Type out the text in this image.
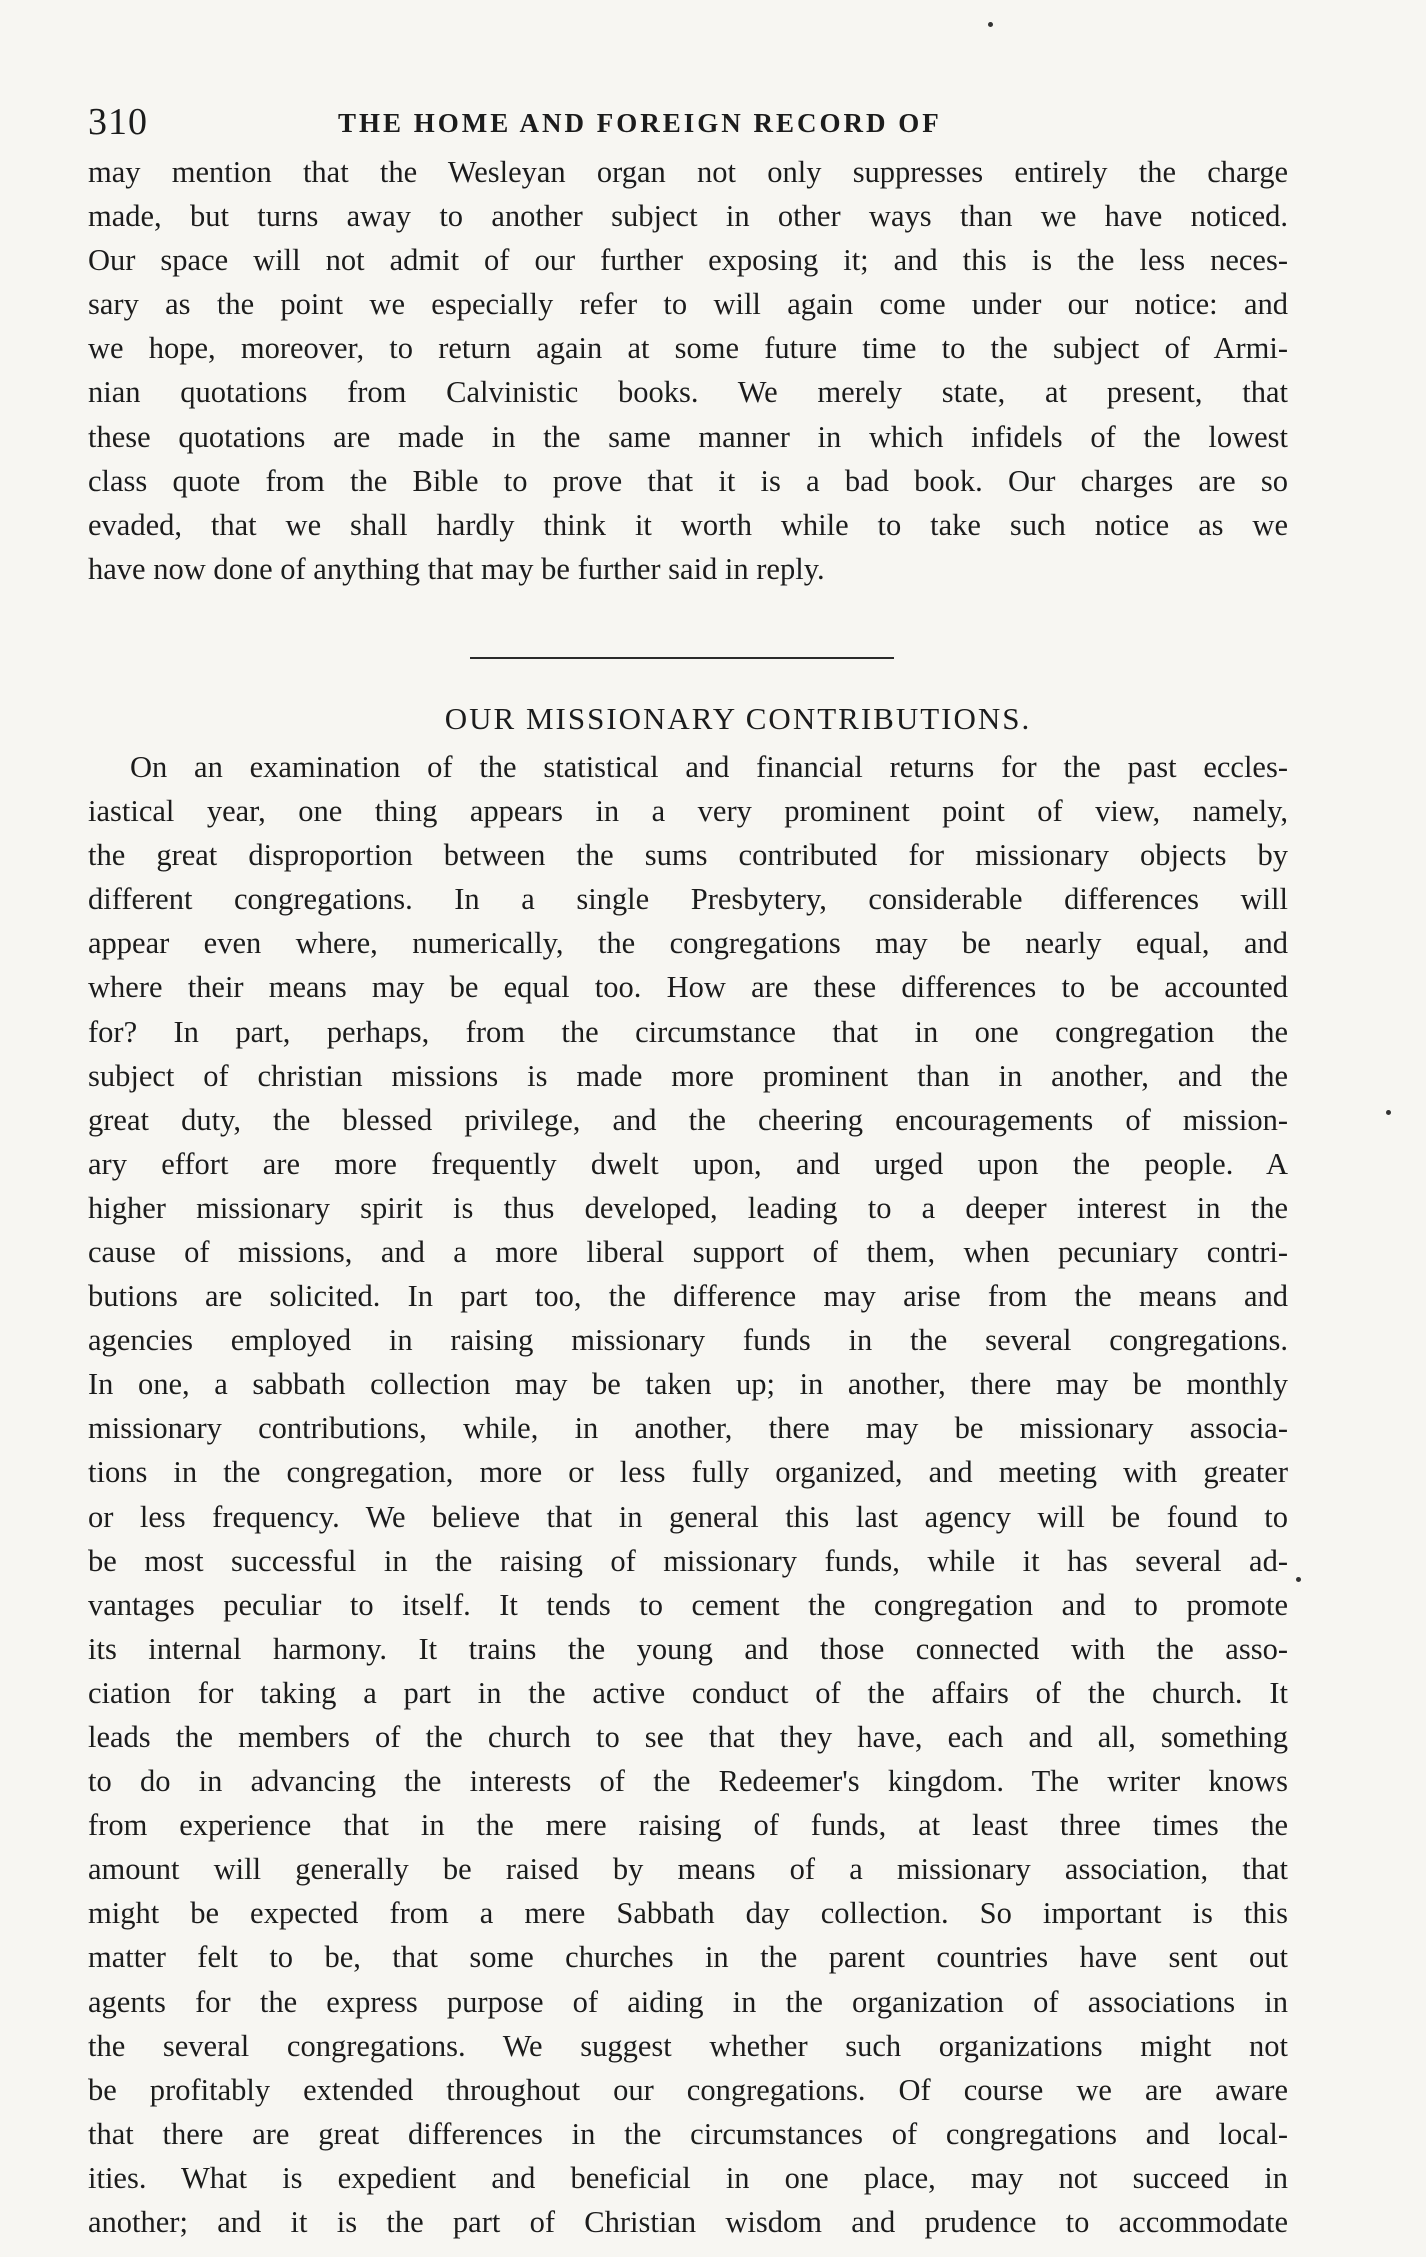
310	THE HOME AND FOREIGN RECORD OF
may mention that the Wesleyan organ not only suppresses entirely the charge
made, but turns away to another subject in other ways than we have noticed.
Our space will not admit of our further exposing it; and this is the less neces-
sary as the point we especially refer to will again come under our notice: and
we hope, moreover, to return again at some future time to the subject of Armi-
nian quotations from Calvinistic books. We merely state, at present, that
these quotations are made in the same manner in which infidels of the lowest
class quote from the Bible to prove that it is a bad book. Our charges are so
evaded, that we shall hardly think it worth while to take such notice as we
have now done of anything that may be further said in reply.
OUR MISSIONARY CONTRIBUTIONS.
On an examination of the statistical and financial returns for the past eccles-
iastical year, one thing appears in a very prominent point of view, namely,
the great disproportion between the sums contributed for missionary objects by
different congregations. In a single Presbytery, considerable differences will
appear even where, numerically, the congregations may be nearly equal, and
where their means may be equal too. How are these differences to be accounted
for? In part, perhaps, from the circumstance that in one congregation the
subject of christian missions is made more prominent than in another, and the
great duty, the blessed privilege, and the cheering encouragements of mission-
ary effort are more frequently dwelt upon, and urged upon the people. A
higher missionary spirit is thus developed, leading to a deeper interest in the
cause of missions, and a more liberal support of them, when pecuniary contri-
butions are solicited. In part too, the difference may arise from the means and
agencies employed in raising missionary funds in the several congregations.
In one, a sabbath collection may be taken up; in another, there may be monthly
missionary contributions, while, in another, there may be missionary associa-
tions in the congregation, more or less fully organized, and meeting with greater
or less frequency. We believe that in general this last agency will be found to
be most successful in the raising of missionary funds, while it has several ad-
vantages peculiar to itself. It tends to cement the congregation and to promote
its internal harmony. It trains the young and those connected with the asso-
ciation for taking a part in the active conduct of the affairs of the church. It
leads the members of the church to see that they have, each and all, something
to do in advancing the interests of the Redeemer's kingdom. The writer knows
from experience that in the mere raising of funds, at least three times the
amount will generally be raised by means of a missionary association, that
might be expected from a mere Sabbath day collection. So important is this
matter felt to be, that some churches in the parent countries have sent out
agents for the express purpose of aiding in the organization of associations in
the several congregations. We suggest whether such organizations might not
be profitably extended throughout our congregations. Of course we are aware
that there are great differences in the circumstances of congregations and local-
ities. What is expedient and beneficial in one place, may not succeed in
another; and it is the part of Christian wisdom and prudence to accommodate
